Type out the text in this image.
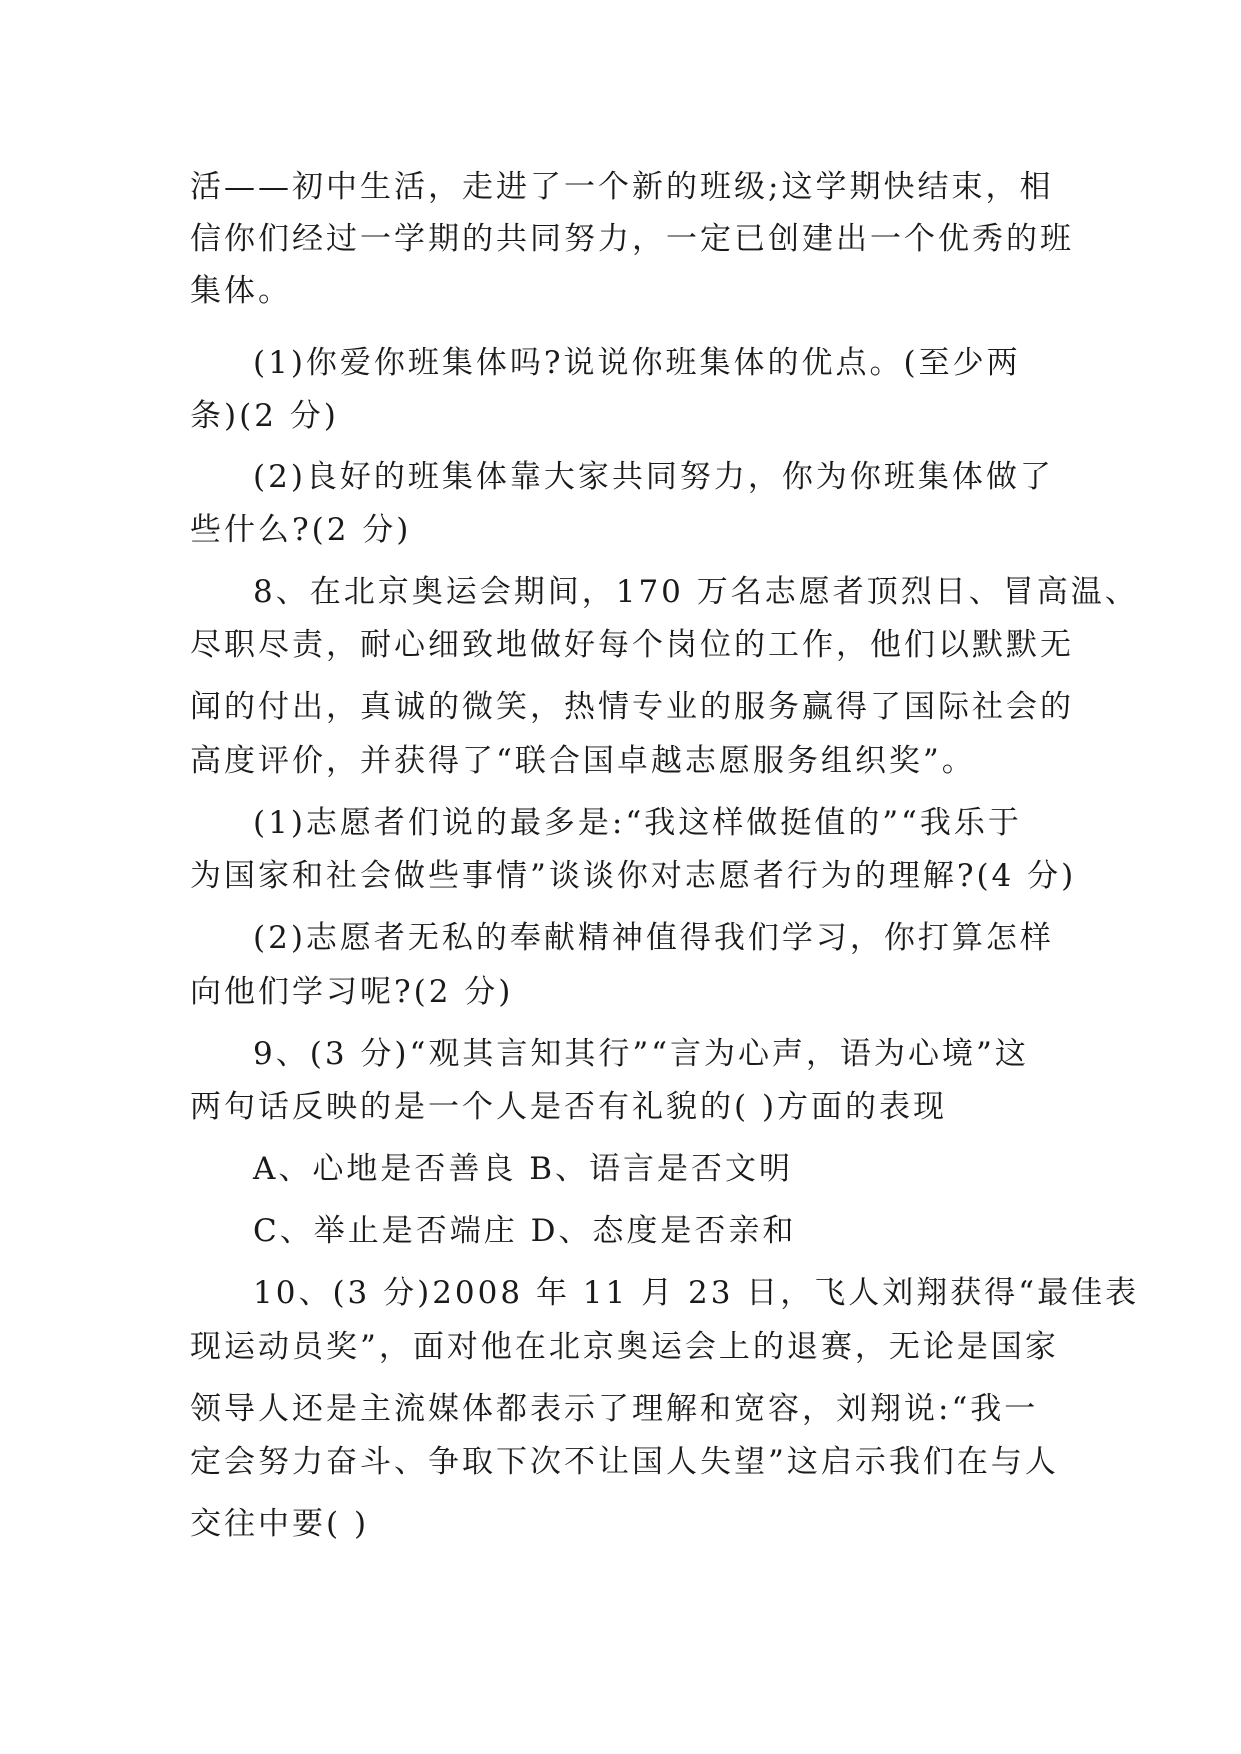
活——初中生活，走进了一个新的班级;这学期快结束，相
信你们经过一学期的共同努力，一定已创建出一个优秀的班
集体。
(1)你爱你班集体吗?说说你班集体的优点。(至少两
条)(2 分)
(2)良好的班集体靠大家共同努力，你为你班集体做了
些什么?(2 分)
8、在北京奥运会期间，170 万名志愿者顶烈日、冒高温、
尽职尽责，耐心细致地做好每个岗位的工作，他们以默默无
闻的付出，真诚的微笑，热情专业的服务赢得了国际社会的
高度评价，并获得了“联合国卓越志愿服务组织奖”。
(1)志愿者们说的最多是:“我这样做挺值的”“我乐于
为国家和社会做些事情”谈谈你对志愿者行为的理解?(4 分)
(2)志愿者无私的奉献精神值得我们学习，你打算怎样
向他们学习呢?(2 分)
9、(3 分)“观其言知其行”“言为心声，语为心境”这
两句话反映的是一个人是否有礼貌的( )方面的表现
A、心地是否善良 B、语言是否文明
C、举止是否端庄 D、态度是否亲和
10、(3 分)2008 年 11 月 23 日，飞人刘翔获得“最佳表
现运动员奖”，面对他在北京奥运会上的退赛，无论是国家
领导人还是主流媒体都表示了理解和宽容，刘翔说:“我一
定会努力奋斗、争取下次不让国人失望”这启示我们在与人
交往中要( )
